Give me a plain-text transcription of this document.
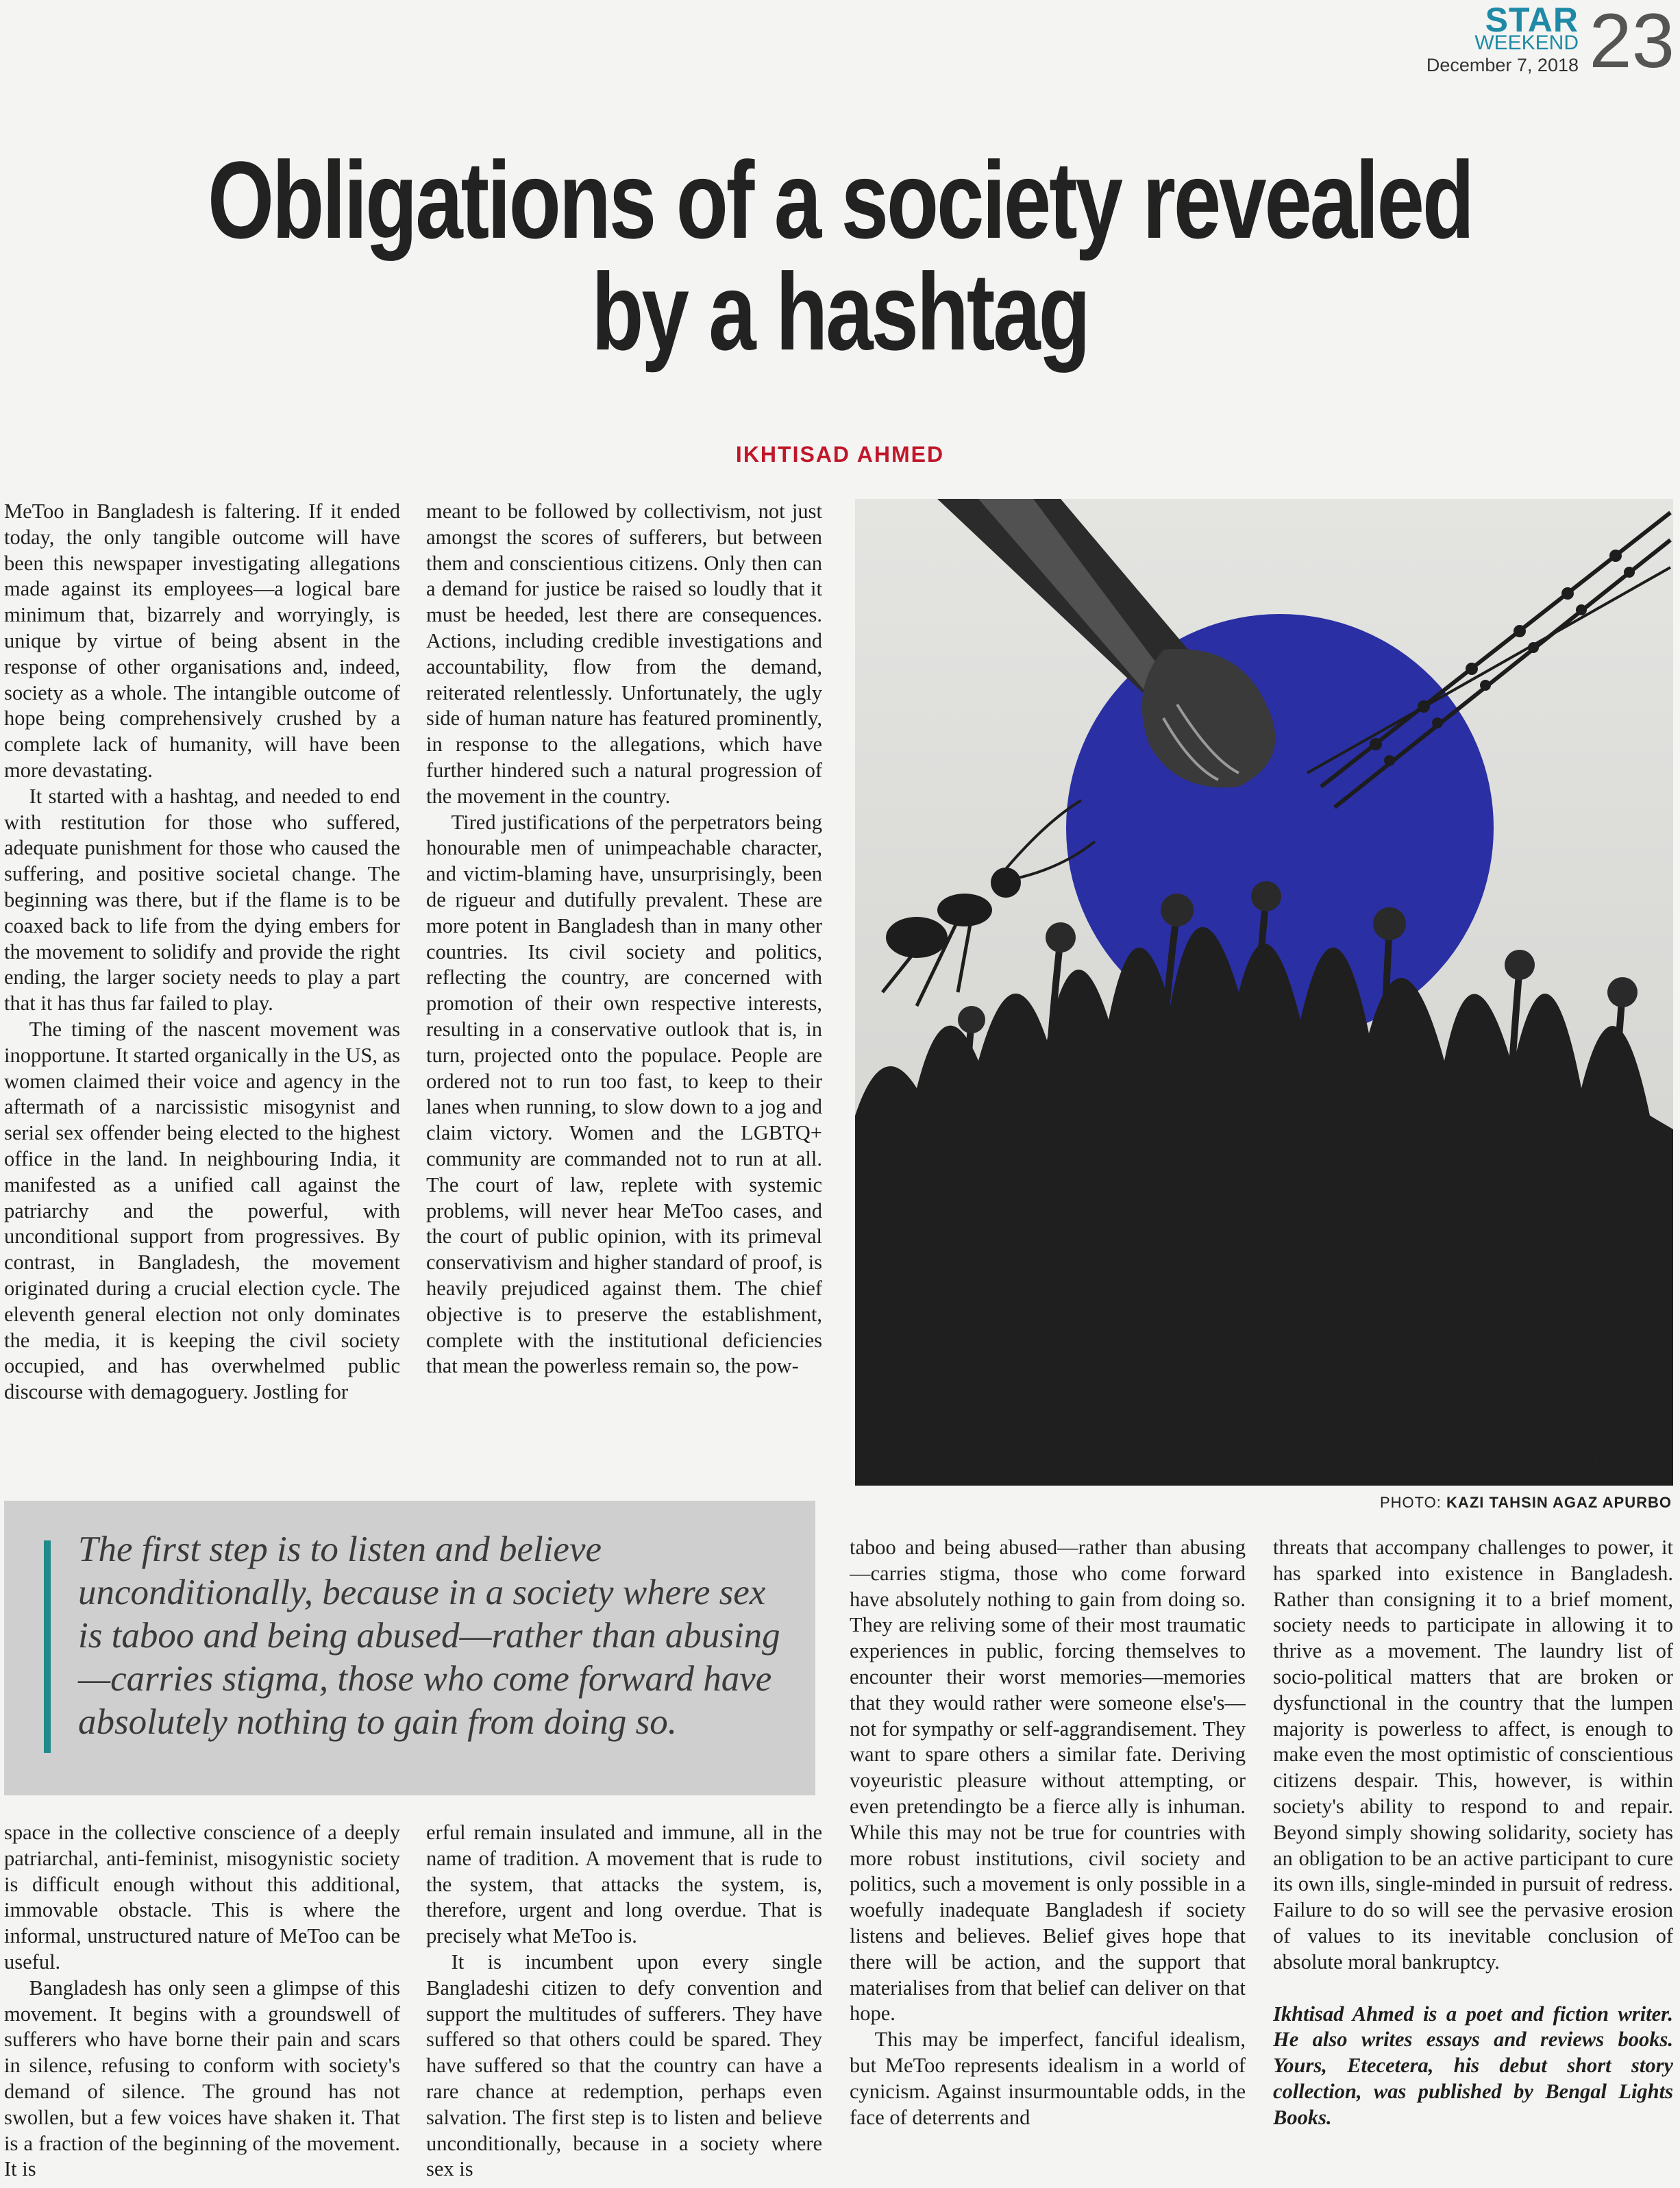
STAR
WEEKEND
December 7, 2018 23
Obligations of a society revealed
by a hashtag
IKHTISAD AHMED

MeToo in Bangladesh is faltering. If it ended today, the only tangible outcome will have been this newspaper investigating allegations made against its employees—a logical bare minimum that, bizarrely and worryingly, is unique by virtue of being absent in the response of other organisations and, indeed, society as a whole. The intangible outcome of hope being comprehensively crushed by a complete lack of humanity, will have been more devastating.

It started with a hashtag, and needed to end with restitution for those who suffered, adequate punishment for those who caused the suffering, and positive societal change. The beginning was there, but if the flame is to be coaxed back to life from the dying embers for the movement to solidify and provide the right ending, the larger society needs to play a part that it has thus far failed to play.

The timing of the nascent movement was inopportune. It started organically in the US, as women claimed their voice and agency in the aftermath of a narcissistic misogynist and serial sex offender being elected to the highest office in the land. In neighbouring India, it manifested as a unified call against the patriarchy and the powerful, with unconditional support from progressives. By contrast, in Bangladesh, the movement originated during a crucial election cycle. The eleventh general election not only dominates the media, it is keeping the civil society occupied, and has overwhelmed public discourse with demagoguery. Jostling for

meant to be followed by collectivism, not just amongst the scores of sufferers, but between them and conscientious citizens. Only then can a demand for justice be raised so loudly that it must be heeded, lest there are consequences. Actions, including credible investigations and accountability, flow from the demand, reiterated relentlessly. Unfortunately, the ugly side of human nature has featured prominently, in response to the allegations, which have further hindered such a natural progression of the movement in the country.

Tired justifications of the perpetrators being honourable men of unimpeachable character, and victim-blaming have, unsurprisingly, been de rigueur and dutifully prevalent. These are more potent in Bangladesh than in many other countries. Its civil society and politics, reflecting the country, are concerned with promotion of their own respective interests, resulting in a conservative outlook that is, in turn, projected onto the populace. People are ordered not to run too fast, to keep to their lanes when running, to slow down to a jog and claim victory. Women and the LGBTQ+ community are commanded not to run at all. The court of law, replete with systemic problems, will never hear MeToo cases, and the court of public opinion, with its primeval conservativism and higher standard of proof, is heavily prejudiced against them. The chief objective is to preserve the establishment, complete with the institutional deficiencies that mean the powerless remain so, the pow-

PHOTO: KAZI TAHSIN AGAZ APURBO

The first step is to listen and believe unconditionally, because in a society where sex is taboo and being abused—rather than abusing—carries stigma, those who come forward have absolutely nothing to gain from doing so.

space in the collective conscience of a deeply patriarchal, anti-feminist, misogynistic society is difficult enough without this additional, immovable obstacle. This is where the informal, unstructured nature of MeToo can be useful.

Bangladesh has only seen a glimpse of this movement. It begins with a groundswell of sufferers who have borne their pain and scars in silence, refusing to conform with society's demand of silence. The ground has not swollen, but a few voices have shaken it. That is a fraction of the beginning of the movement. It is

erful remain insulated and immune, all in the name of tradition. A movement that is rude to the system, that attacks the system, is, therefore, urgent and long overdue. That is precisely what MeToo is.

It is incumbent upon every single Bangladeshi citizen to defy convention and support the multitudes of sufferers. They have suffered so that others could be spared. They have suffered so that the country can have a rare chance at redemption, perhaps even salvation. The first step is to listen and believe unconditionally, because in a society where sex is

taboo and being abused—rather than abusing—carries stigma, those who come forward have absolutely nothing to gain from doing so. They are reliving some of their most traumatic experiences in public, forcing themselves to encounter their worst memories—memories that they would rather were someone else's—not for sympathy or self-aggrandisement. They want to spare others a similar fate. Deriving voyeuristic pleasure without attempting, or even pretendingto be a fierce ally is inhuman. While this may not be true for countries with more robust institutions, civil society and politics, such a movement is only possible in a woefully inadequate Bangladesh if society listens and believes. Belief gives hope that there will be action, and the support that materialises from that belief can deliver on that hope.

This may be imperfect, fanciful idealism, but MeToo represents idealism in a world of cynicism. Against insurmountable odds, in the face of deterrents and

threats that accompany challenges to power, it has sparked into existence in Bangladesh. Rather than consigning it to a brief moment, society needs to participate in allowing it to thrive as a movement. The laundry list of socio-political matters that are broken or dysfunctional in the country that the lumpen majority is powerless to affect, is enough to make even the most optimistic of conscientious citizens despair. This, however, is within society's ability to respond to and repair. Beyond simply showing solidarity, society has an obligation to be an active participant to cure its own ills, single-minded in pursuit of redress. Failure to do so will see the pervasive erosion of values to its inevitable conclusion of absolute moral bankruptcy.

Ikhtisad Ahmed is a poet and fiction writer. He also writes essays and reviews books. Yours, Etecetera, his debut short story collection, was published by Bengal Lights Books.
